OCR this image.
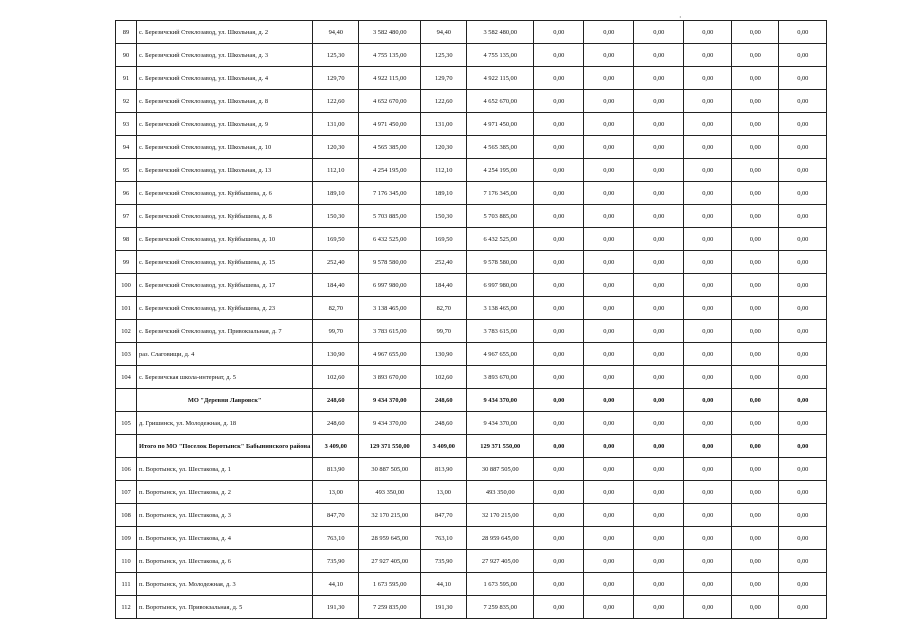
·
89	с. Березичский Стеклозавод, ул. Школьная, д. 2	94,40	3 582 480,00	94,40	3 582 480,00	0,00	0,00	0,00	0,00	0,00	0,00
90	с. Березичский Стеклозавод, ул. Школьная, д. 3	125,30	4 755 135,00	125,30	4 755 135,00	0,00	0,00	0,00	0,00	0,00	0,00
91	с. Березичский Стеклозавод, ул. Школьная, д. 4	129,70	4 922 115,00	129,70	4 922 115,00	0,00	0,00	0,00	0,00	0,00	0,00
92	с. Березичский Стеклозавод, ул. Школьная, д. 8	122,60	4 652 670,00	122,60	4 652 670,00	0,00	0,00	0,00	0,00	0,00	0,00
93	с. Березичский Стеклозавод, ул. Школьная, д. 9	131,00	4 971 450,00	131,00	4 971 450,00	0,00	0,00	0,00	0,00	0,00	0,00
94	с. Березичский Стеклозавод, ул. Школьная, д. 10	120,30	4 565 385,00	120,30	4 565 385,00	0,00	0,00	0,00	0,00	0,00	0,00
95	с. Березичский Стеклозавод, ул. Школьная, д. 13	112,10	4 254 195,00	112,10	4 254 195,00	0,00	0,00	0,00	0,00	0,00	0,00
96	с. Березичский Стеклозавод, ул. Куйбышева, д. 6	189,10	7 176 345,00	189,10	7 176 345,00	0,00	0,00	0,00	0,00	0,00	0,00
97	с. Березичский Стеклозавод, ул. Куйбышева, д. 8	150,30	5 703 885,00	150,30	5 703 885,00	0,00	0,00	0,00	0,00	0,00	0,00
98	с. Березичский Стеклозавод, ул. Куйбышева, д. 10	169,50	6 432 525,00	169,50	6 432 525,00	0,00	0,00	0,00	0,00	0,00	0,00
99	с. Березичский Стеклозавод, ул. Куйбышева, д. 15	252,40	9 578 580,00	252,40	9 578 580,00	0,00	0,00	0,00	0,00	0,00	0,00
100	с. Березичский Стеклозавод, ул. Куйбышева, д. 17	184,40	6 997 980,00	184,40	6 997 980,00	0,00	0,00	0,00	0,00	0,00	0,00
101	с. Березичский Стеклозавод, ул. Куйбышева, д. 23	82,70	3 138 465,00	82,70	3 138 465,00	0,00	0,00	0,00	0,00	0,00	0,00
102	с. Березичский Стеклозавод, ул. Привокзальная, д. 7	99,70	3 783 615,00	99,70	3 783 615,00	0,00	0,00	0,00	0,00	0,00	0,00
103	раз. Слаговищи, д. 4	130,90	4 967 655,00	130,90	4 967 655,00	0,00	0,00	0,00	0,00	0,00	0,00
104	с. Березичская школа-интернат, д. 5	102,60	3 893 670,00	102,60	3 893 670,00	0,00	0,00	0,00	0,00	0,00	0,00
	МО "Деревня Лавровск"	248,60	9 434 370,00	248,60	9 434 370,00	0,00	0,00	0,00	0,00	0,00	0,00
105	д. Гришинск, ул. Молодежная, д. 18	248,60	9 434 370,00	248,60	9 434 370,00	0,00	0,00	0,00	0,00	0,00	0,00
	Итого по МО "Поселок Воротынск" Бабынинского района	3 409,00	129 371 550,00	3 409,00	129 371 550,00	0,00	0,00	0,00	0,00	0,00	0,00
106	п. Воротынск, ул. Шестакова, д. 1	813,90	30 887 505,00	813,90	30 887 505,00	0,00	0,00	0,00	0,00	0,00	0,00
107	п. Воротынск, ул. Шестакова, д. 2	13,00	493 350,00	13,00	493 350,00	0,00	0,00	0,00	0,00	0,00	0,00
108	п. Воротынск, ул. Шестакова, д. 3	847,70	32 170 215,00	847,70	32 170 215,00	0,00	0,00	0,00	0,00	0,00	0,00
109	п. Воротынск, ул. Шестакова, д. 4	763,10	28 959 645,00	763,10	28 959 645,00	0,00	0,00	0,00	0,00	0,00	0,00
110	п. Воротынск, ул. Шестакова, д. 6	735,90	27 927 405,00	735,90	27 927 405,00	0,00	0,00	0,00	0,00	0,00	0,00
111	п. Воротынск, ул. Молодежная, д. 3	44,10	1 673 595,00	44,10	1 673 595,00	0,00	0,00	0,00	0,00	0,00	0,00
112	п. Воротынск, ул. Привокзальная, д. 5	191,30	7 259 835,00	191,30	7 259 835,00	0,00	0,00	0,00	0,00	0,00	0,00
